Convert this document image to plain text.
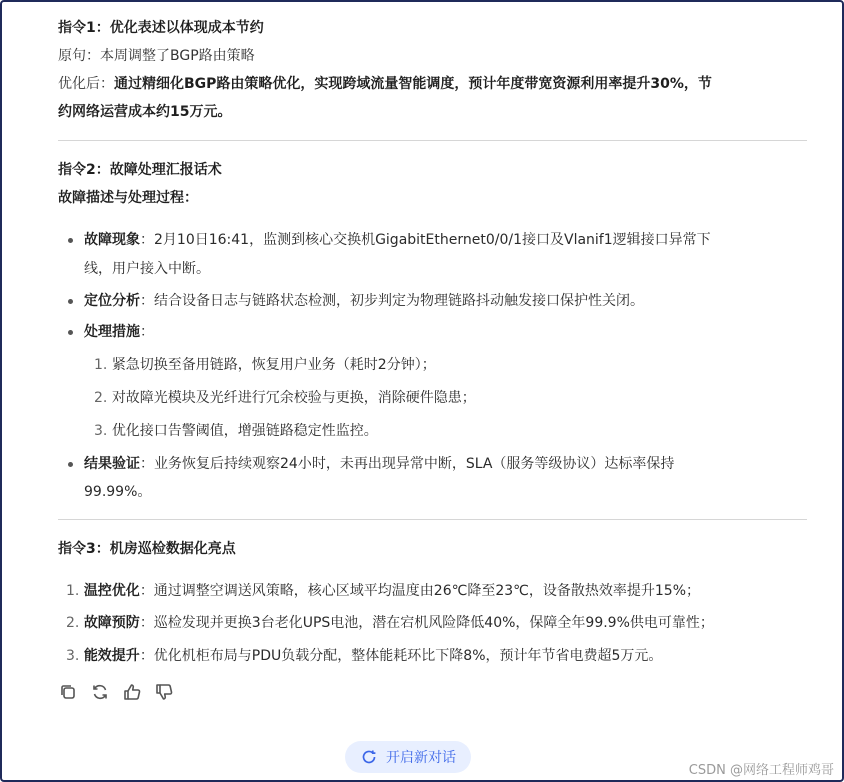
指令1：优化表述以体现成本节约
原句：本周调整了BGP路由策略
优化后：通过精细化BGP路由策略优化，实现跨域流量智能调度，预计年度带宽资源利用率提升30%，节
约网络运营成本约15万元。
指令2：故障处理汇报话术
故障描述与处理过程：
故障现象：2月10日16:41，监测到核心交换机GigabitEthernet0/0/1接口及Vlanif1逻辑接口异常下
线，用户接入中断。
定位分析：结合设备日志与链路状态检测，初步判定为物理链路抖动触发接口保护性关闭。
处理措施：
1. 紧急切换至备用链路，恢复用户业务（耗时2分钟）；
2. 对故障光模块及光纤进行冗余校验与更换，消除硬件隐患；
3. 优化接口告警阈值，增强链路稳定性监控。
结果验证：业务恢复后持续观察24小时，未再出现异常中断，SLA（服务等级协议）达标率保持
99.99%。
指令3：机房巡检数据化亮点
1. 温控优化：通过调整空调送风策略，核心区域平均温度由26℃降至23℃，设备散热效率提升15%；
2. 故障预防：巡检发现并更换3台老化UPS电池，潜在宕机风险降低40%，保障全年99.9%供电可靠性；
3. 能效提升：优化机柜布局与PDU负载分配，整体能耗环比下降8%，预计年节省电费超5万元。
开启新对话
CSDN @网络工程师鸡哥
